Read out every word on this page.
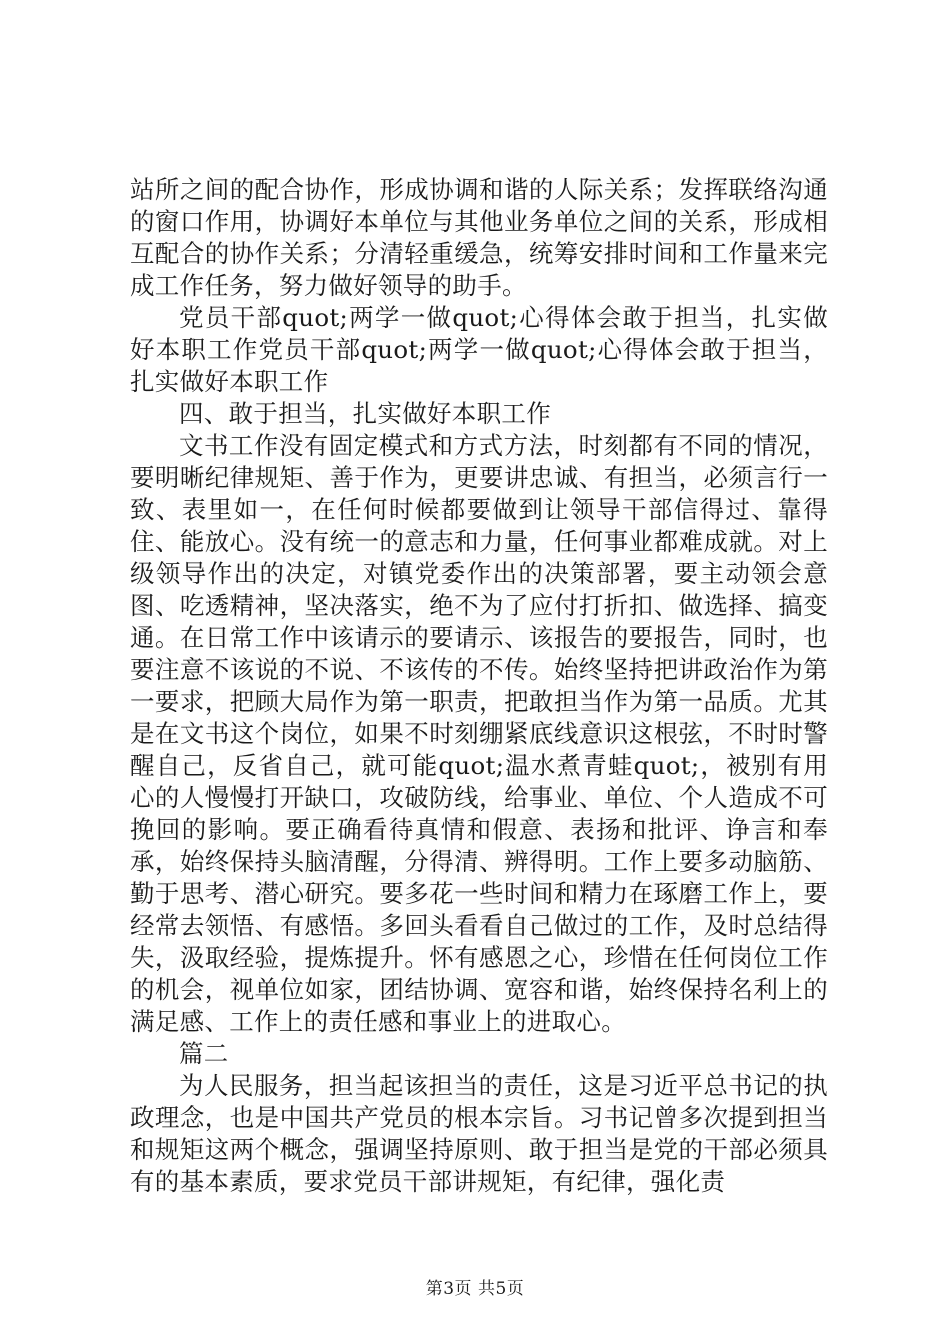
站所之间的配合协作，形成协调和谐的人际关系；发挥联络沟通的窗口作用，协调好本单位与其他业务单位之间的关系，形成相互配合的协作关系；分清轻重缓急，统筹安排时间和工作量来完成工作任务，努力做好领导的助手。

党员干部quot;两学一做quot;心得体会敢于担当，扎实做好本职工作党员干部quot;两学一做quot;心得体会敢于担当，扎实做好本职工作

四、敢于担当，扎实做好本职工作

文书工作没有固定模式和方式方法，时刻都有不同的情况，要明晰纪律规矩、善于作为，更要讲忠诚、有担当，必须言行一致、表里如一，在任何时候都要做到让领导干部信得过、靠得住、能放心。没有统一的意志和力量，任何事业都难成就。对上级领导作出的决定，对镇党委作出的决策部署，要主动领会意图、吃透精神，坚决落实，绝不为了应付打折扣、做选择、搞变通。在日常工作中该请示的要请示、该报告的要报告，同时，也要注意不该说的不说、不该传的不传。始终坚持把讲政治作为第一要求，把顾大局作为第一职责，把敢担当作为第一品质。尤其是在文书这个岗位，如果不时刻绷紧底线意识这根弦，不时时警醒自己，反省自己，就可能quot;温水煮青蛙quot;，被别有用心的人慢慢打开缺口，攻破防线，给事业、单位、个人造成不可挽回的影响。要正确看待真情和假意、表扬和批评、诤言和奉承，始终保持头脑清醒，分得清、辨得明。工作上要多动脑筋、勤于思考、潜心研究。要多花一些时间和精力在琢磨工作上，要经常去领悟、有感悟。多回头看看自己做过的工作，及时总结得失，汲取经验，提炼提升。怀有感恩之心，珍惜在任何岗位工作的机会，视单位如家，团结协调、宽容和谐，始终保持名利上的满足感、工作上的责任感和事业上的进取心。

篇二

为人民服务，担当起该担当的责任，这是习近平总书记的执政理念，也是中国共产党员的根本宗旨。习书记曾多次提到担当和规矩这两个概念，强调坚持原则、敢于担当是党的干部必须具有的基本素质，要求党员干部讲规矩，有纪律，强化责

第3页 共5页
